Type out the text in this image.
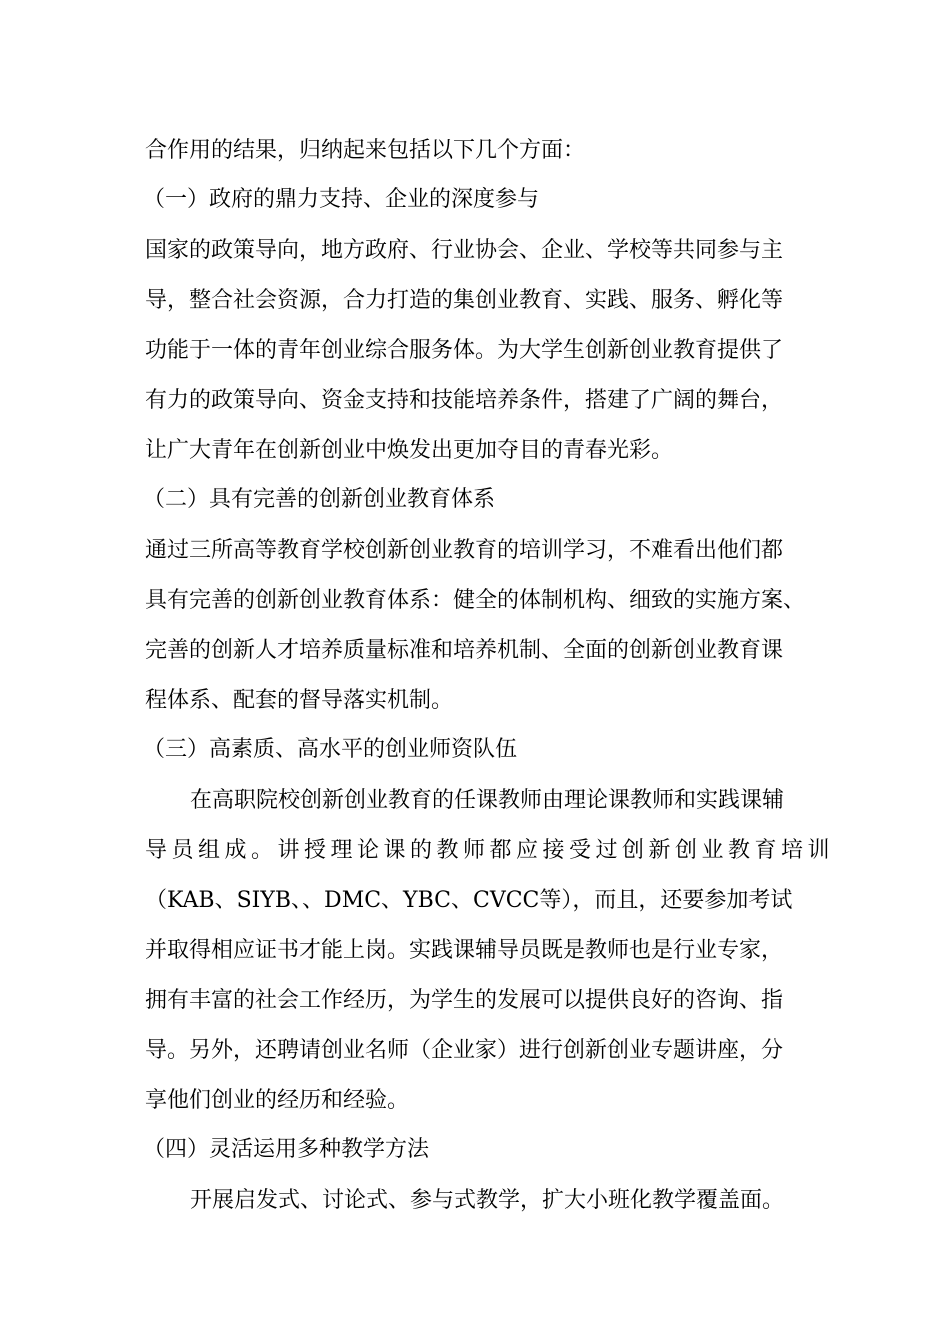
合作用的结果，归纳起来包括以下几个方面：
（一）政府的鼎力支持、企业的深度参与
国家的政策导向，地方政府、行业协会、企业、学校等共同参与主
导，整合社会资源，合力打造的集创业教育、实践、服务、孵化等
功能于一体的青年创业综合服务体。为大学生创新创业教育提供了
有力的政策导向、资金支持和技能培养条件，搭建了广阔的舞台，
让广大青年在创新创业中焕发出更加夺目的青春光彩。
（二）具有完善的创新创业教育体系
通过三所高等教育学校创新创业教育的培训学习，不难看出他们都
具有完善的创新创业教育体系：健全的体制机构、细致的实施方案、
完善的创新人才培养质量标准和培养机制、全面的创新创业教育课
程体系、配套的督导落实机制。
（三）高素质、高水平的创业师资队伍
在高职院校创新创业教育的任课教师由理论课教师和实践课辅
导员组成。讲授理论课的教师都应接受过创新创业教育培训
（KAB、SIYB、、DMC、YBC、CVCC等），而且，还要参加考试
并取得相应证书才能上岗。实践课辅导员既是教师也是行业专家，
拥有丰富的社会工作经历，为学生的发展可以提供良好的咨询、指
导。另外，还聘请创业名师（企业家）进行创新创业专题讲座，分
享他们创业的经历和经验。
（四）灵活运用多种教学方法
开展启发式、讨论式、参与式教学，扩大小班化教学覆盖面。
